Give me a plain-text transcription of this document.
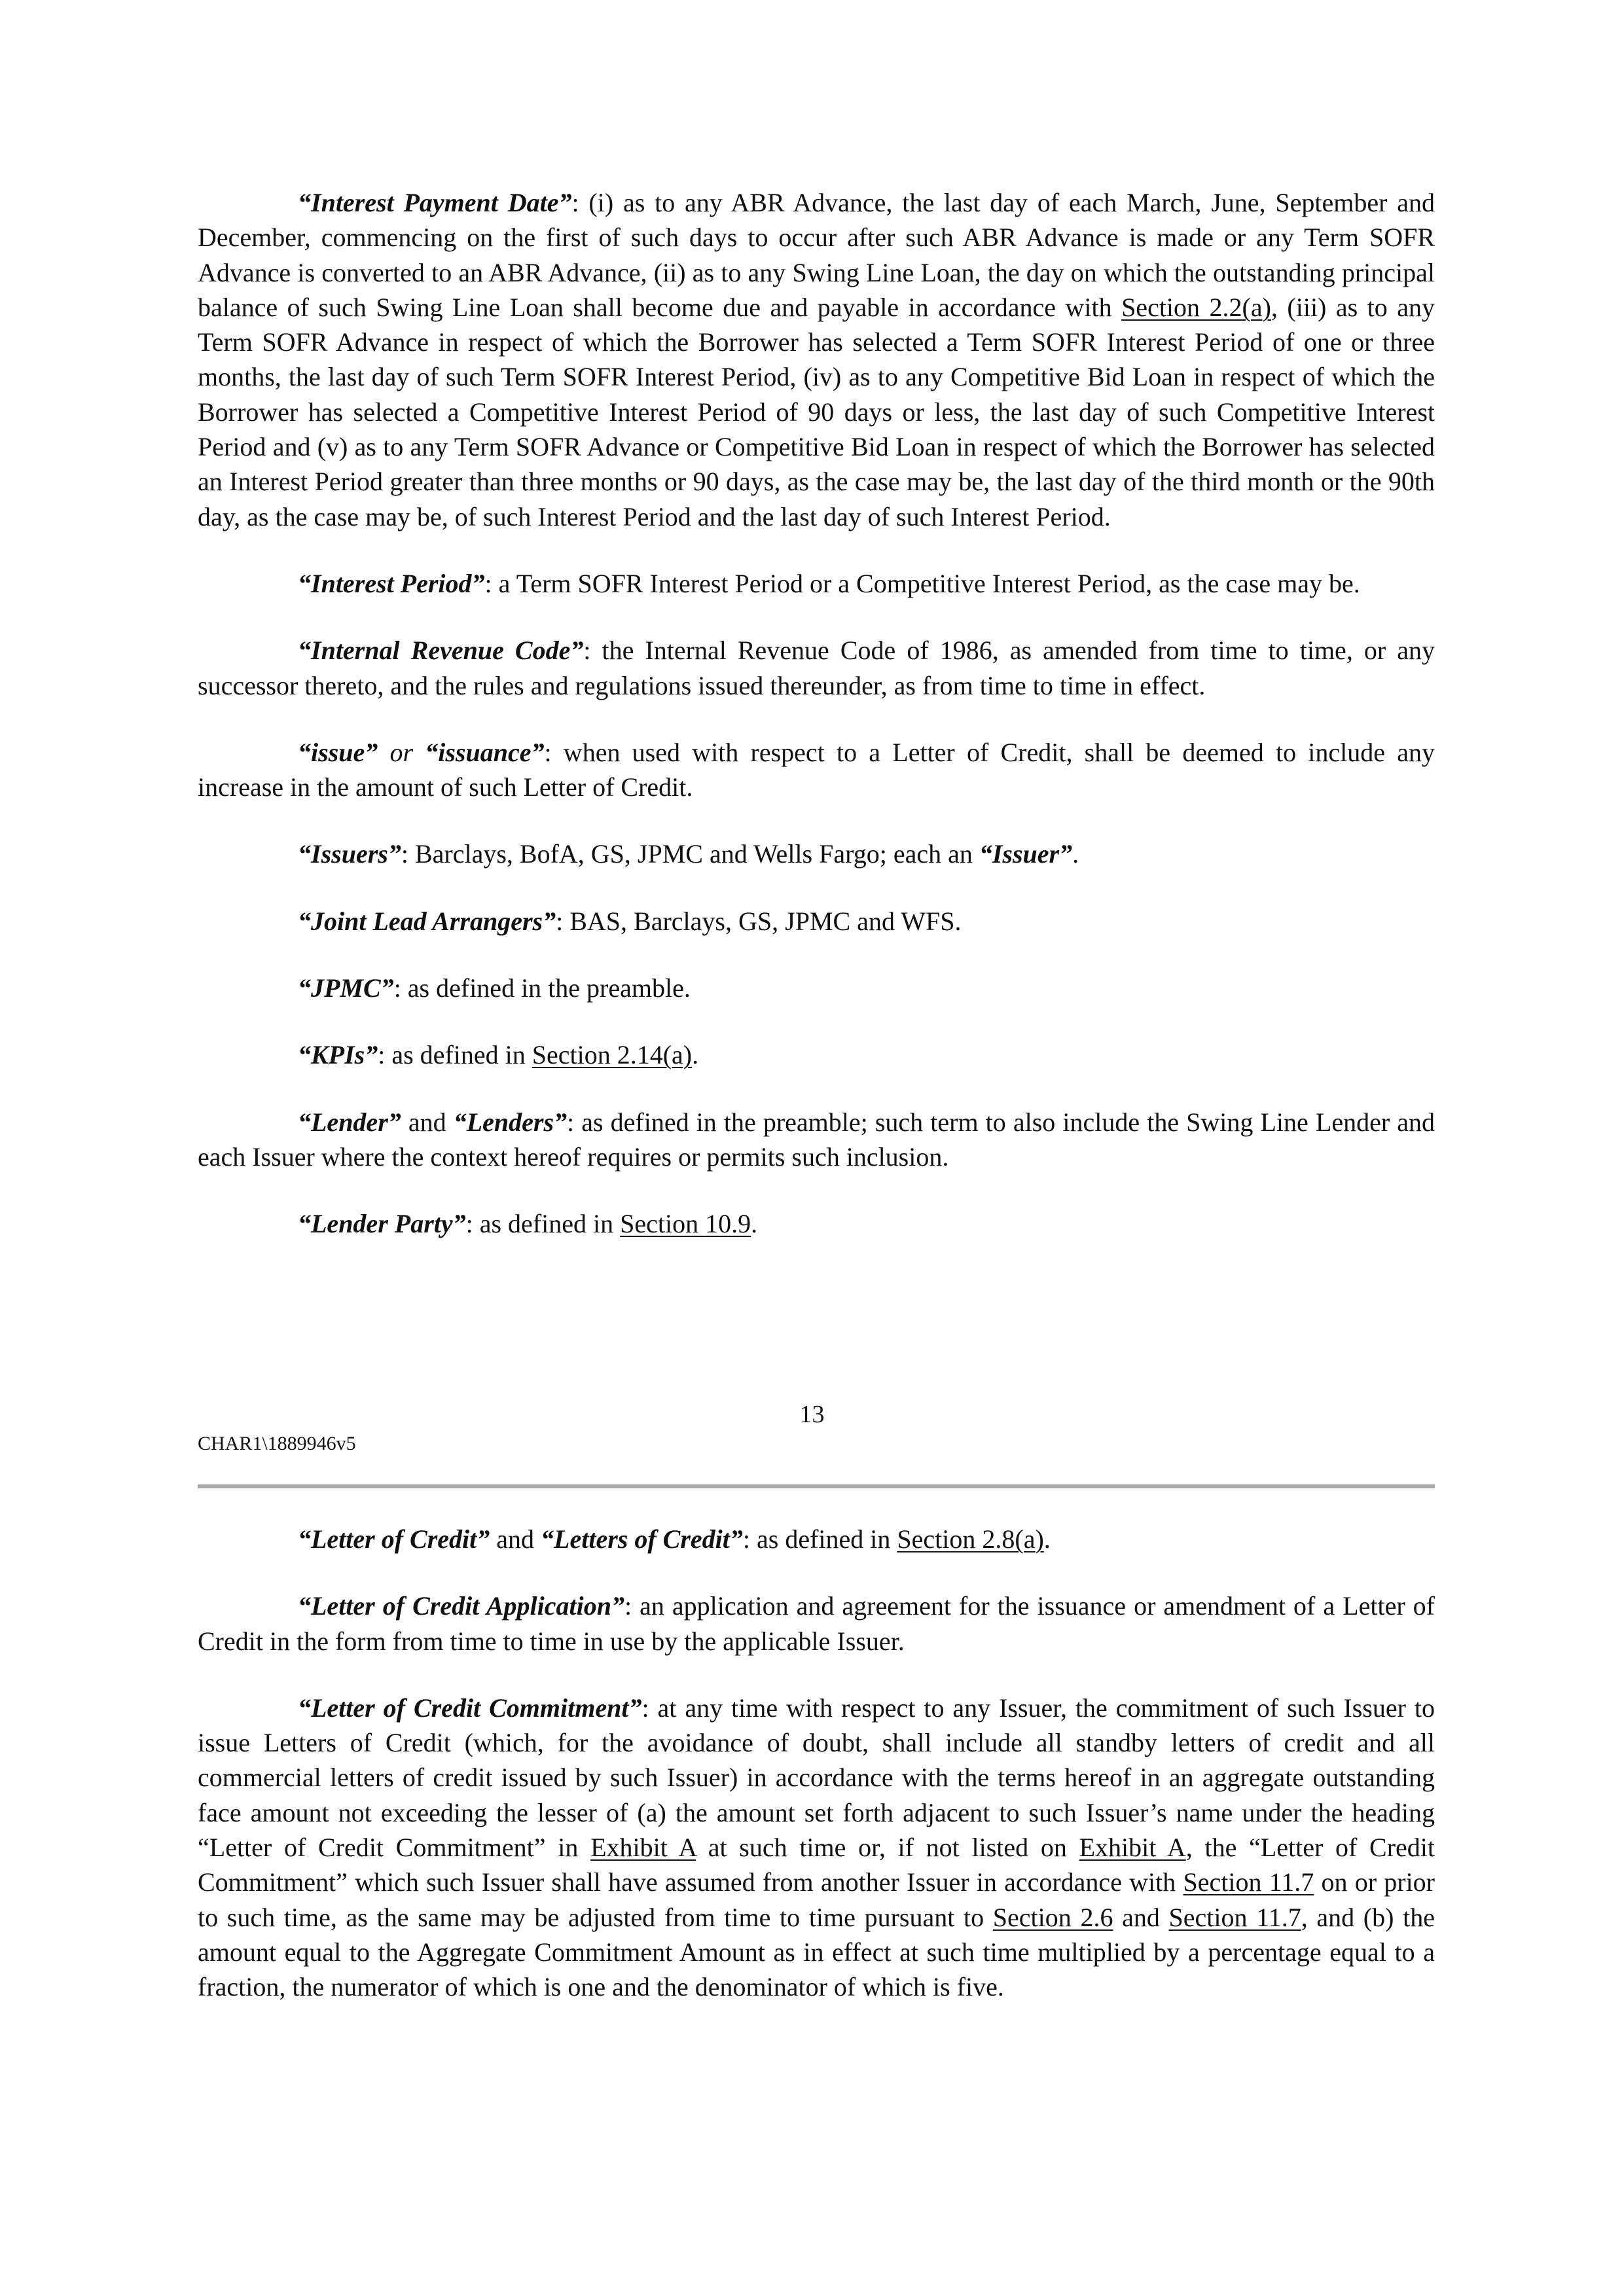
“Interest Payment Date”: (i) as to any ABR Advance, the last day of each March, June, September and December, commencing on the first of such days to occur after such ABR Advance is made or any Term SOFR Advance is converted to an ABR Advance, (ii) as to any Swing Line Loan, the day on which the outstanding principal balance of such Swing Line Loan shall become due and payable in accordance with Section 2.2(a), (iii) as to any Term SOFR Advance in respect of which the Borrower has selected a Term SOFR Interest Period of one or three months, the last day of such Term SOFR Interest Period, (iv) as to any Competitive Bid Loan in respect of which the Borrower has selected a Competitive Interest Period of 90 days or less, the last day of such Competitive Interest Period and (v) as to any Term SOFR Advance or Competitive Bid Loan in respect of which the Borrower has selected an Interest Period greater than three months or 90 days, as the case may be, the last day of the third month or the 90th day, as the case may be, of such Interest Period and the last day of such Interest Period.

“Interest Period”: a Term SOFR Interest Period or a Competitive Interest Period, as the case may be.

“Internal Revenue Code”: the Internal Revenue Code of 1986, as amended from time to time, or any successor thereto, and the rules and regulations issued thereunder, as from time to time in effect.

“issue” or “issuance”: when used with respect to a Letter of Credit, shall be deemed to include any increase in the amount of such Letter of Credit.

“Issuers”: Barclays, BofA, GS, JPMC and Wells Fargo; each an “Issuer”.

“Joint Lead Arrangers”: BAS, Barclays, GS, JPMC and WFS.

“JPMC”: as defined in the preamble.

“KPIs”: as defined in Section 2.14(a).

“Lender” and “Lenders”: as defined in the preamble; such term to also include the Swing Line Lender and each Issuer where the context hereof requires or permits such inclusion.

“Lender Party”: as defined in Section 10.9.

13
CHAR1\1889946v5

“Letter of Credit” and “Letters of Credit”: as defined in Section 2.8(a).

“Letter of Credit Application”: an application and agreement for the issuance or amendment of a Letter of Credit in the form from time to time in use by the applicable Issuer.

“Letter of Credit Commitment”: at any time with respect to any Issuer, the commitment of such Issuer to issue Letters of Credit (which, for the avoidance of doubt, shall include all standby letters of credit and all commercial letters of credit issued by such Issuer) in accordance with the terms hereof in an aggregate outstanding face amount not exceeding the lesser of (a) the amount set forth adjacent to such Issuer’s name under the heading “Letter of Credit Commitment” in Exhibit A at such time or, if not listed on Exhibit A, the “Letter of Credit Commitment” which such Issuer shall have assumed from another Issuer in accordance with Section 11.7 on or prior to such time, as the same may be adjusted from time to time pursuant to Section 2.6 and Section 11.7, and (b) the amount equal to the Aggregate Commitment Amount as in effect at such time multiplied by a percentage equal to a fraction, the numerator of which is one and the denominator of which is five.
